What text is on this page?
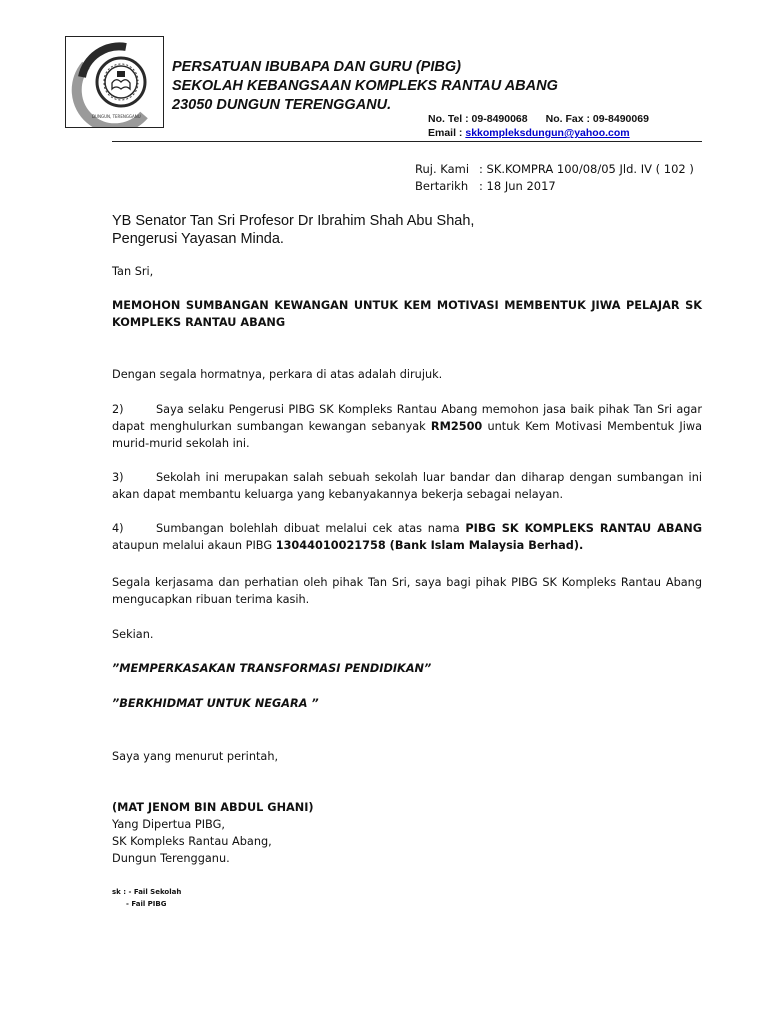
DUNGUN, TERENGGANU
PERSATUAN IBUBAPA DAN GURU (PIBG)
SEKOLAH KEBANGSAAN KOMPLEKS RANTAU ABANG
23050 DUNGUN TERENGGANU.
No. Tel : 09-8490068 No. Fax : 09-8490069
Email : skkompleksdungun@yahoo.com
Ruj. Kami : SK.KOMPRA 100/08/05 Jld. IV ( 102 )
Bertarikh : 18 Jun 2017
YB Senator Tan Sri Profesor Dr Ibrahim Shah Abu Shah,
Pengerusi Yayasan Minda.
Tan Sri,
MEMOHON SUMBANGAN KEWANGAN UNTUK KEM MOTIVASI MEMBENTUK JIWA PELAJAR SK KOMPLEKS RANTAU ABANG
Dengan segala hormatnya, perkara di atas adalah dirujuk.
2)	Saya selaku Pengerusi PIBG SK Kompleks Rantau Abang memohon jasa baik pihak Tan Sri agar dapat menghulurkan sumbangan kewangan sebanyak RM2500 untuk Kem Motivasi Membentuk Jiwa murid-murid sekolah ini.
3)	Sekolah ini merupakan salah sebuah sekolah luar bandar dan diharap dengan sumbangan ini akan dapat membantu keluarga yang kebanyakannya bekerja sebagai nelayan.
4)	Sumbangan bolehlah dibuat melalui cek atas nama PIBG SK KOMPLEKS RANTAU ABANG ataupun melalui akaun PIBG 13044010021758 (Bank Islam Malaysia Berhad).
Segala kerjasama dan perhatian oleh pihak Tan Sri, saya bagi pihak PIBG SK Kompleks Rantau Abang mengucapkan ribuan terima kasih.
Sekian.
”MEMPERKASAKAN TRANSFORMASI PENDIDIKAN”
”BERKHIDMAT UNTUK NEGARA ”
Saya yang menurut perintah,
(MAT JENOM BIN ABDUL GHANI)
Yang Dipertua PIBG,
SK Kompleks Rantau Abang,
Dungun Terengganu.
sk : - Fail Sekolah
- Fail PIBG
